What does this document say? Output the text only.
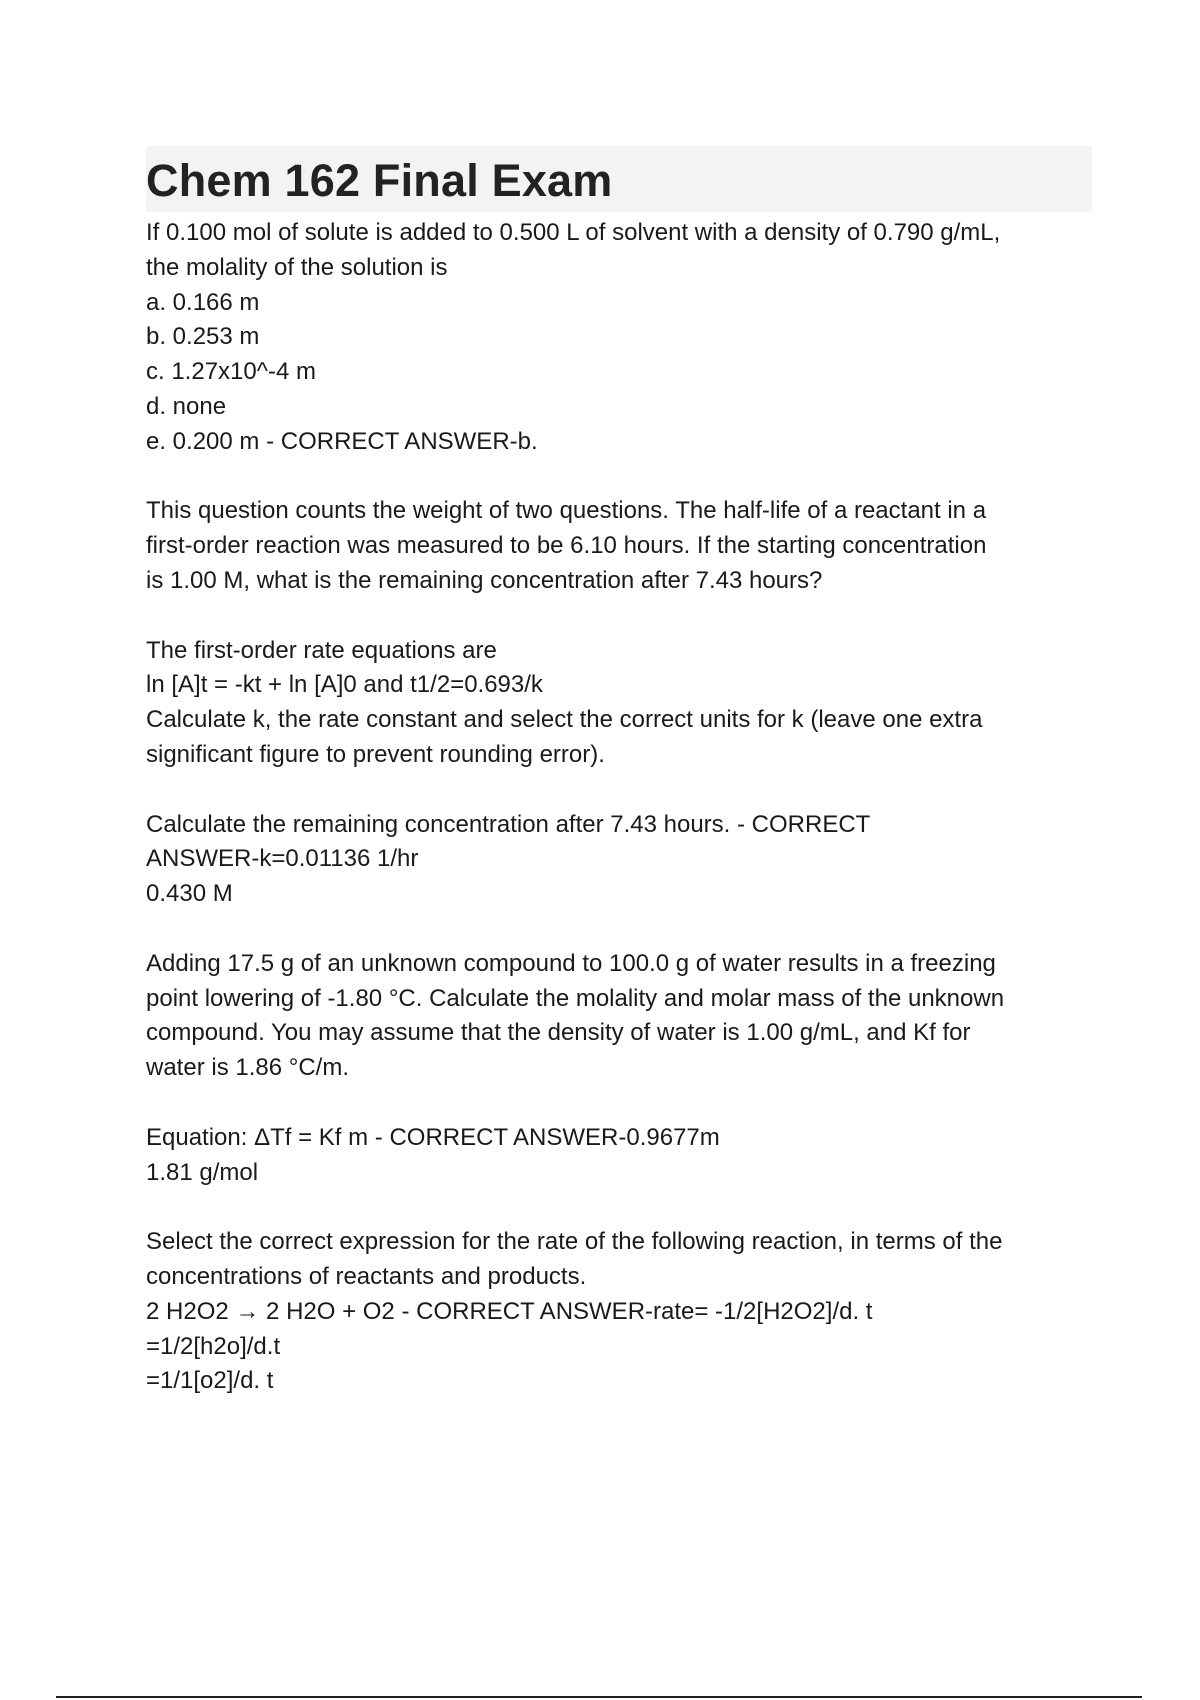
Chem 162 Final Exam
If 0.100 mol of solute is added to 0.500 L of solvent with a density of 0.790 g/mL,
the molality of the solution is
a. 0.166 m
b. 0.253 m
c. 1.27x10^-4 m
d. none
e. 0.200 m - CORRECT ANSWER-b.
This question counts the weight of two questions. The half-life of a reactant in a
first-order reaction was measured to be 6.10 hours. If the starting concentration
is 1.00 M, what is the remaining concentration after 7.43 hours?
The first-order rate equations are
ln [A]t = -kt + ln [A]0 and t1/2=0.693/k
Calculate k, the rate constant and select the correct units for k (leave one extra
significant figure to prevent rounding error).
Calculate the remaining concentration after 7.43 hours. - CORRECT
ANSWER-k=0.01136 1/hr
0.430 M
Adding 17.5 g of an unknown compound to 100.0 g of water results in a freezing
point lowering of -1.80 °C. Calculate the molality and molar mass of the unknown
compound. You may assume that the density of water is 1.00 g/mL, and Kf for
water is 1.86 °C/m.
Equation: ΔTf = Kf m - CORRECT ANSWER-0.9677m
1.81 g/mol
Select the correct expression for the rate of the following reaction, in terms of the
concentrations of reactants and products.
2 H2O2 → 2 H2O + O2 - CORRECT ANSWER-rate= -1/2[H2O2]/d. t
=1/2[h2o]/d.t
=1/1[o2]/d. t
